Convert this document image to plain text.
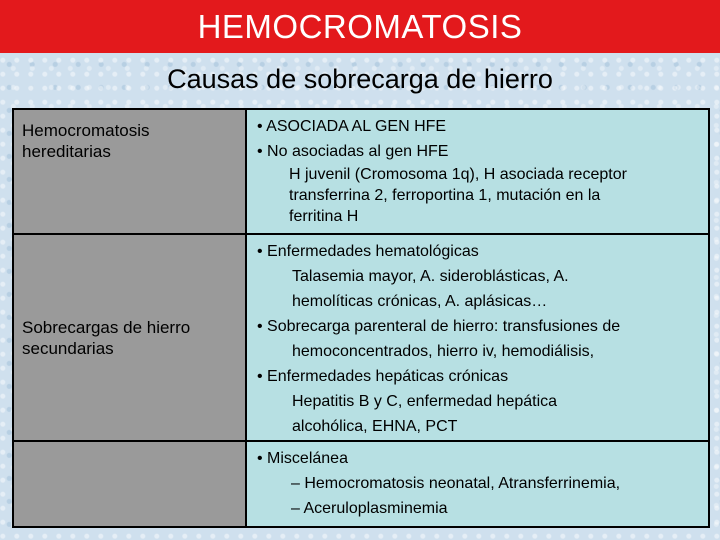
HEMOCROMATOSIS
Causas de sobrecarga de hierro
Hemocromatosis hereditarias
• ASOCIADA AL GEN HFE
• No asociadas al gen HFE
H juvenil (Cromosoma 1q), H asociada receptor
transferrina 2, ferroportina 1, mutación en la
ferritina H
Sobrecargas de hierro secundarias
• Enfermedades hematológicas
Talasemia mayor, A. sideroblásticas, A.
hemolíticas crónicas, A. aplásicas…
• Sobrecarga parenteral de hierro: transfusiones de
hemoconcentrados, hierro iv, hemodiálisis,
• Enfermedades hepáticas crónicas
Hepatitis B y C, enfermedad hepática
alcohólica, EHNA, PCT
• Miscelánea
– Hemocromatosis neonatal, Atransferrinemia,
– Aceruloplasminemia
